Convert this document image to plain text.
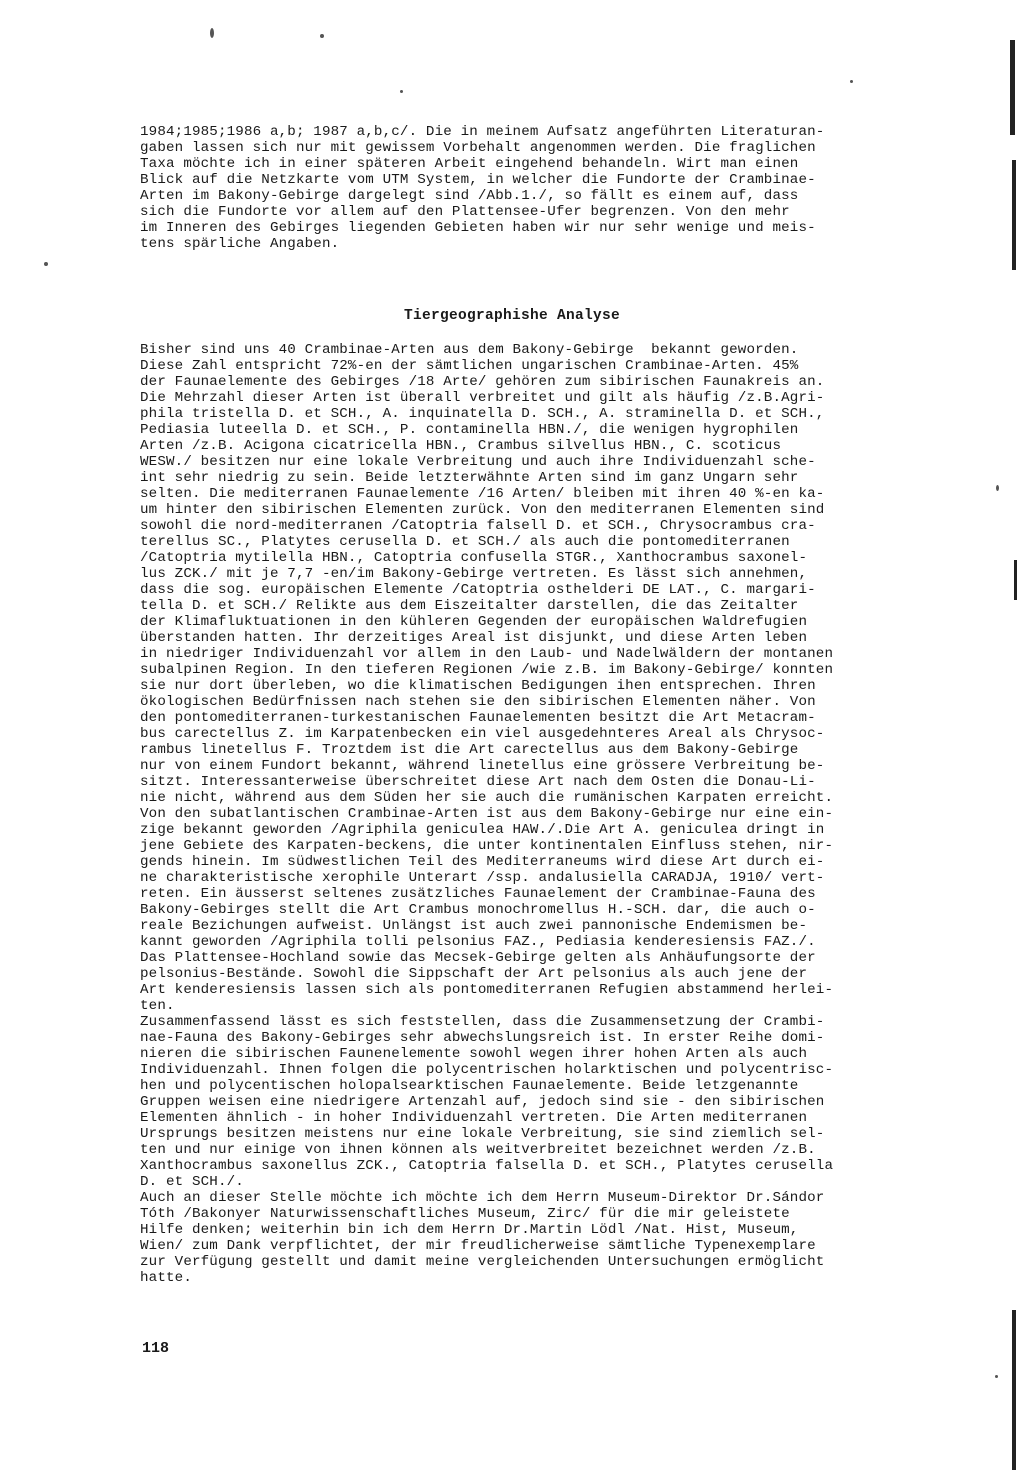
1984;1985;1986 a,b; 1987 a,b,c/. Die in meinem Aufsatz angeführten Literaturan-
gaben lassen sich nur mit gewissem Vorbehalt angenommen werden. Die fraglichen
Taxa möchte ich in einer späteren Arbeit eingehend behandeln. Wirt man einen
Blick auf die Netzkarte vom UTM System, in welcher die Fundorte der Crambinae-
Arten im Bakony-Gebirge dargelegt sind /Abb.1./, so fällt es einem auf, dass
sich die Fundorte vor allem auf den Plattensee-Ufer begrenzen. Von den mehr
im Inneren des Gebirges liegenden Gebieten haben wir nur sehr wenige und meis-
tens spärliche Angaben.
Tiergeographishe Analyse
Bisher sind uns 40 Crambinae-Arten aus dem Bakony-Gebirge  bekannt geworden.
Diese Zahl entspricht 72%-en der sämtlichen ungarischen Crambinae-Arten. 45%
der Faunaelemente des Gebirges /18 Arte/ gehören zum sibirischen Faunakreis an.
Die Mehrzahl dieser Arten ist überall verbreitet und gilt als häufig /z.B.Agri-
phila tristella D. et SCH., A. inquinatella D. SCH., A. straminella D. et SCH.,
Pediasia luteella D. et SCH., P. contaminella HBN./, die wenigen hygrophilen
Arten /z.B. Acigona cicatricella HBN., Crambus silvellus HBN., C. scoticus
WESW./ besitzen nur eine lokale Verbreitung und auch ihre Individuenzahl sche-
int sehr niedrig zu sein. Beide letzterwähnte Arten sind im ganz Ungarn sehr
selten. Die mediterranen Faunaelemente /16 Arten/ bleiben mit ihren 40 %-en ka-
um hinter den sibirischen Elementen zurück. Von den mediterranen Elementen sind
sowohl die nord-mediterranen /Catoptria falsell D. et SCH., Chrysocrambus cra-
terellus SC., Platytes cerusella D. et SCH./ als auch die pontomediterranen
/Catoptria mytilella HBN., Catoptria confusella STGR., Xanthocrambus saxonel-
lus ZCK./ mit je 7,7 -en/im Bakony-Gebirge vertreten. Es lässt sich annehmen,
dass die sog. europäischen Elemente /Catoptria osthelderi DE LAT., C. margari-
tella D. et SCH./ Relikte aus dem Eiszeitalter darstellen, die das Zeitalter
der Klimafluktuationen in den kühleren Gegenden der europäischen Waldrefugien
überstanden hatten. Ihr derzeitiges Areal ist disjunkt, und diese Arten leben
in niedriger Individuenzahl vor allem in den Laub- und Nadelwäldern der montanen
subalpinen Region. In den tieferen Regionen /wie z.B. im Bakony-Gebirge/ konnten
sie nur dort überleben, wo die klimatischen Bedigungen ihen entsprechen. Ihren
ökologischen Bedürfnissen nach stehen sie den sibirischen Elementen näher. Von
den pontomediterranen-turkestanischen Faunaelementen besitzt die Art Metacram-
bus carectellus Z. im Karpatenbecken ein viel ausgedehnteres Areal als Chrysoc-
rambus linetellus F. Troztdem ist die Art carectellus aus dem Bakony-Gebirge
nur von einem Fundort bekannt, während linetellus eine grössere Verbreitung be-
sitzt. Interessanterweise überschreitet diese Art nach dem Osten die Donau-Li-
nie nicht, während aus dem Süden her sie auch die rumänischen Karpaten erreicht.
Von den subatlantischen Crambinae-Arten ist aus dem Bakony-Gebirge nur eine ein-
zige bekannt geworden /Agriphila geniculea HAW./.Die Art A. geniculea dringt in
jene Gebiete des Karpaten-beckens, die unter kontinentalen Einfluss stehen, nir-
gends hinein. Im südwestlichen Teil des Mediterraneums wird diese Art durch ei-
ne charakteristische xerophile Unterart /ssp. andalusiella CARADJA, 1910/ vert-
reten. Ein äusserst seltenes zusätzliches Faunaelement der Crambinae-Fauna des
Bakony-Gebirges stellt die Art Crambus monochromellus H.-SCH. dar, die auch o-
reale Bezichungen aufweist. Unlängst ist auch zwei pannonische Endemismen be-
kannt geworden /Agriphila tolli pelsonius FAZ., Pediasia kenderesiensis FAZ./.
Das Plattensee-Hochland sowie das Mecsek-Gebirge gelten als Anhäufungsorte der
pelsonius-Bestände. Sowohl die Sippschaft der Art pelsonius als auch jene der
Art kenderesiensis lassen sich als pontomediterranen Refugien abstammend herlei-
ten.
Zusammenfassend lässt es sich feststellen, dass die Zusammensetzung der Crambi-
nae-Fauna des Bakony-Gebirges sehr abwechslungsreich ist. In erster Reihe domi-
nieren die sibirischen Faunenelemente sowohl wegen ihrer hohen Arten als auch
Individuenzahl. Ihnen folgen die polycentrischen holarktischen und polycentrisc-
hen und polycentischen holopalsearktischen Faunaelemente. Beide letzgenannte
Gruppen weisen eine niedrigere Artenzahl auf, jedoch sind sie - den sibirischen
Elementen ähnlich - in hoher Individuenzahl vertreten. Die Arten mediterranen
Ursprungs besitzen meistens nur eine lokale Verbreitung, sie sind ziemlich sel-
ten und nur einige von ihnen können als weitverbreitet bezeichnet werden /z.B.
Xanthocrambus saxonellus ZCK., Catoptria falsella D. et SCH., Platytes cerusella
D. et SCH./.
Auch an dieser Stelle möchte ich möchte ich dem Herrn Museum-Direktor Dr.Sándor
Tóth /Bakonyer Naturwissenschaftliches Museum, Zirc/ für die mir geleistete
Hilfe denken; weiterhin bin ich dem Herrn Dr.Martin Lödl /Nat. Hist, Museum,
Wien/ zum Dank verpflichtet, der mir freudlicherweise sämtliche Typenexemplare
zur Verfügung gestellt und damit meine vergleichenden Untersuchungen ermöglicht
hatte.
118
